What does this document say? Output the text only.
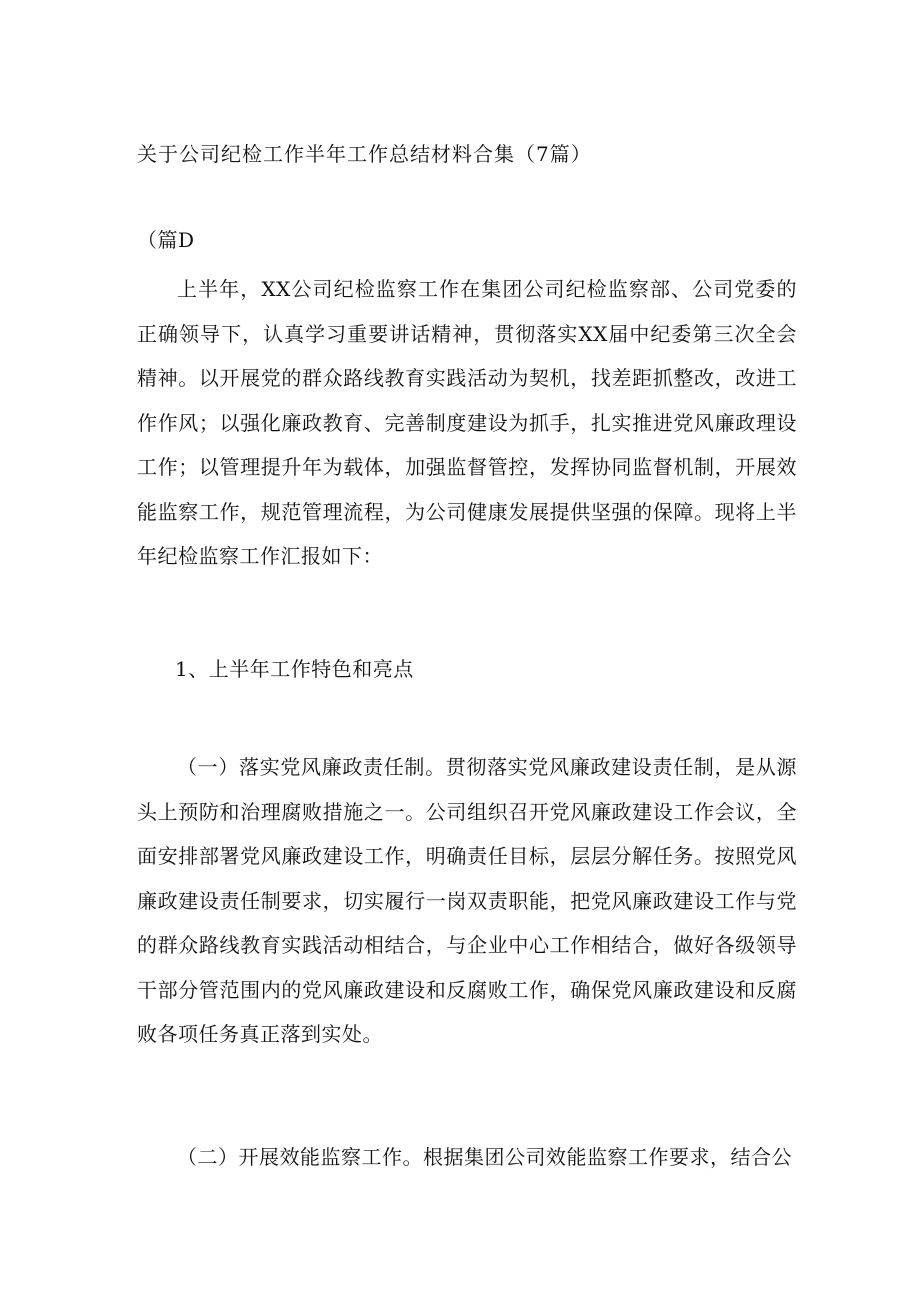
关于公司纪检工作半年工作总结材料合集（7篇）
（篇D
上半年，XX公司纪检监察工作在集团公司纪检监察部、公司党委的正确领导下，认真学习重要讲话精神，贯彻落实XX届中纪委第三次全会精神。以开展党的群众路线教育实践活动为契机，找差距抓整改，改进工作作风；以强化廉政教育、完善制度建设为抓手，扎实推进党风廉政理设工作；以管理提升年为载体，加强监督管控，发挥协同监督机制，开展效能监察工作，规范管理流程，为公司健康发展提供坚强的保障。现将上半年纪检监察工作汇报如下：
1、上半年工作特色和亮点
（一）落实党风廉政责任制。贯彻落实党风廉政建设责任制，是从源头上预防和治理腐败措施之一。公司组织召开党风廉政建设工作会议，全面安排部署党风廉政建设工作，明确责任目标，层层分解任务。按照党风廉政建设责任制要求，切实履行一岗双责职能，把党风廉政建设工作与党的群众路线教育实践活动相结合，与企业中心工作相结合，做好各级领导干部分管范围内的党风廉政建设和反腐败工作，确保党风廉政建设和反腐败各项任务真正落到实处。
（二）开展效能监察工作。根据集团公司效能监察工作要求，结合公
